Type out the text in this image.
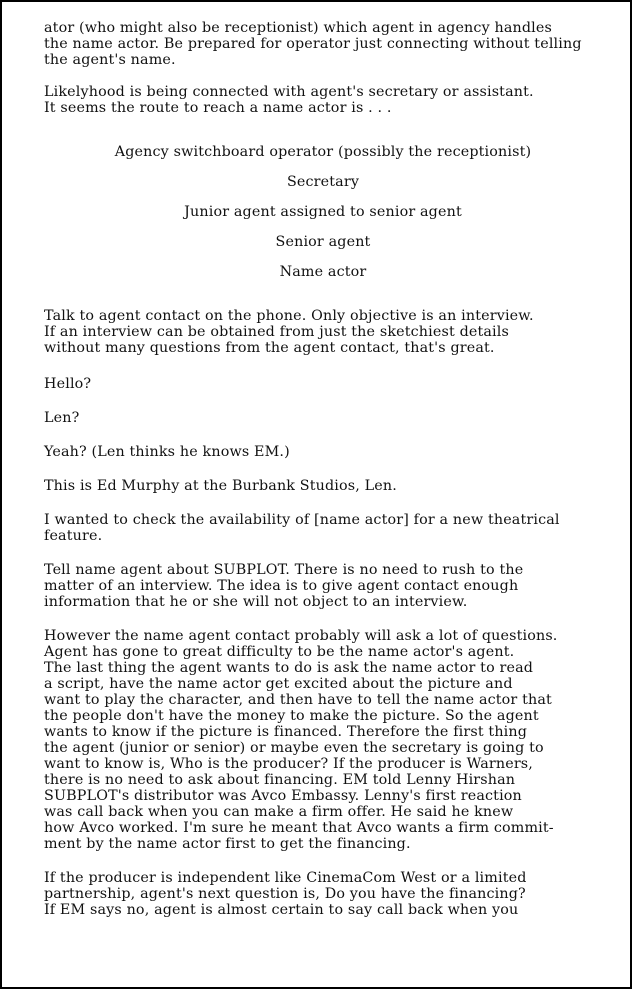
ator (who might also be receptionist) which agent in agency handles
the name actor. Be prepared for operator just connecting without telling
the agent's name.
Likelyhood is being connected with agent's secretary or assistant.
It seems the route to reach a name actor is . . .
Agency switchboard operator (possibly the receptionist)
Secretary
Junior agent assigned to senior agent
Senior agent
Name actor
Talk to agent contact on the phone. Only objective is an interview.
If an interview can be obtained from just the sketchiest details
without many questions from the agent contact, that's great.
Hello?
Len?
Yeah? (Len thinks he knows EM.)
This is Ed Murphy at the Burbank Studios, Len.
I wanted to check the availability of [name actor] for a new theatrical
feature.
Tell name agent about SUBPLOT. There is no need to rush to the
matter of an interview. The idea is to give agent contact enough
information that he or she will not object to an interview.
However the name agent contact probably will ask a lot of questions.
Agent has gone to great difficulty to be the name actor's agent.
The last thing the agent wants to do is ask the name actor to read
a script, have the name actor get excited about the picture and
want to play the character, and then have to tell the name actor that
the people don't have the money to make the picture. So the agent
wants to know if the picture is financed. Therefore the first thing
the agent (junior or senior) or maybe even the secretary is going to
want to know is, Who is the producer? If the producer is Warners,
there is no need to ask about financing. EM told Lenny Hirshan
SUBPLOT's distributor was Avco Embassy. Lenny's first reaction
was call back when you can make a firm offer. He said he knew
how Avco worked. I'm sure he meant that Avco wants a firm commit-
ment by the name actor first to get the financing.
If the producer is independent like CinemaCom West or a limited
partnership, agent's next question is, Do you have the financing?
If EM says no, agent is almost certain to say call back when you
